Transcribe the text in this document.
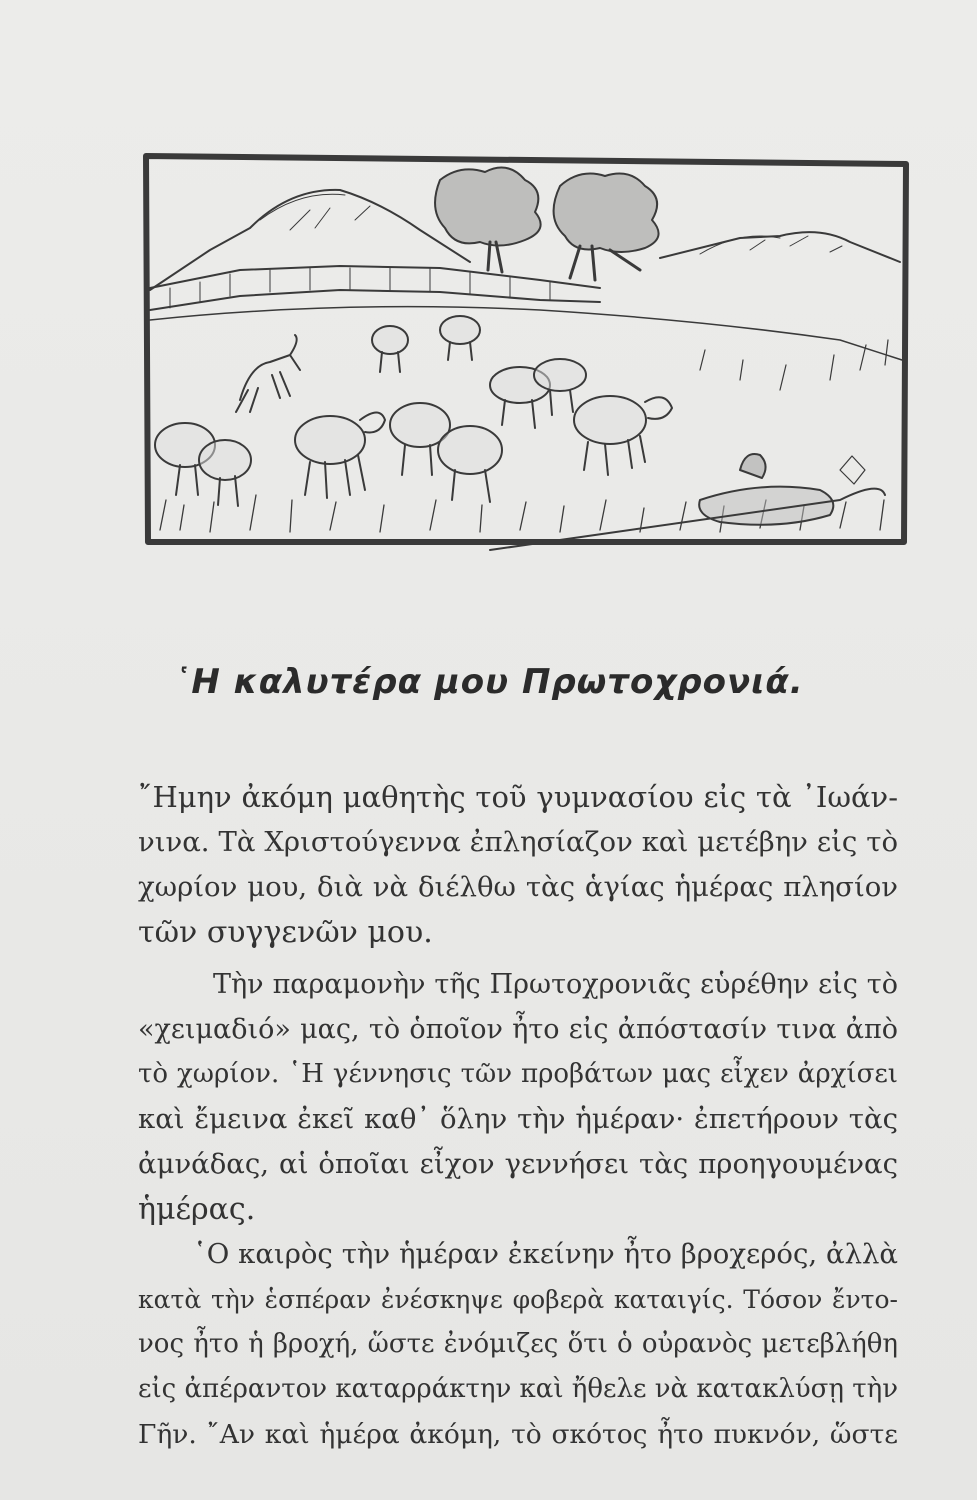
῾Η καλυτέρα μου Πρωτοχρονιά.
῎Ημην ἀκόμη μαθητὴς τοῦ γυμνασίου εἰς τὰ ᾿Ιωάν-
νινα. Τὰ Χριστούγεννα ἐπλησίαζον καὶ μετέβην εἰς τὸ
χωρίον μου, διὰ νὰ διέλθω τὰς ἁγίας ἡμέρας πλησίον
τῶν συγγενῶν μου.
Τὴν παραμονὴν τῆς Πρωτοχρονιᾶς εὑρέθην εἰς τὸ
«χειμαδιό» μας, τὸ ὁποῖον ἦτο εἰς ἀπόστασίν τινα ἀπὸ
τὸ χωρίον. ῾Η γέννησις τῶν προβάτων μας εἶχεν ἀρχίσει
καὶ ἔμεινα ἐκεῖ καθ᾿ ὅλην τὴν ἡμέραν· ἐπετήρουν τὰς
ἀμνάδας, αἱ ὁποῖαι εἶχον γεννήσει τὰς προηγουμένας
ἡμέρας.
῾Ο καιρὸς τὴν ἡμέραν ἐκείνην ἦτο βροχερός, ἀλλὰ
κατὰ τὴν ἑσπέραν ἐνέσκηψε φοβερὰ καταιγίς. Τόσον ἔντο-
νος ἦτο ἡ βροχή, ὥστε ἐνόμιζες ὅτι ὁ οὐρανὸς μετεβλήθη
εἰς ἀπέραντον καταρράκτην καὶ ἤθελε νὰ κατακλύσῃ τὴν
Γῆν. ῎Αν καὶ ἡμέρα ἀκόμη, τὸ σκότος ἦτο πυκνόν, ὥστε
